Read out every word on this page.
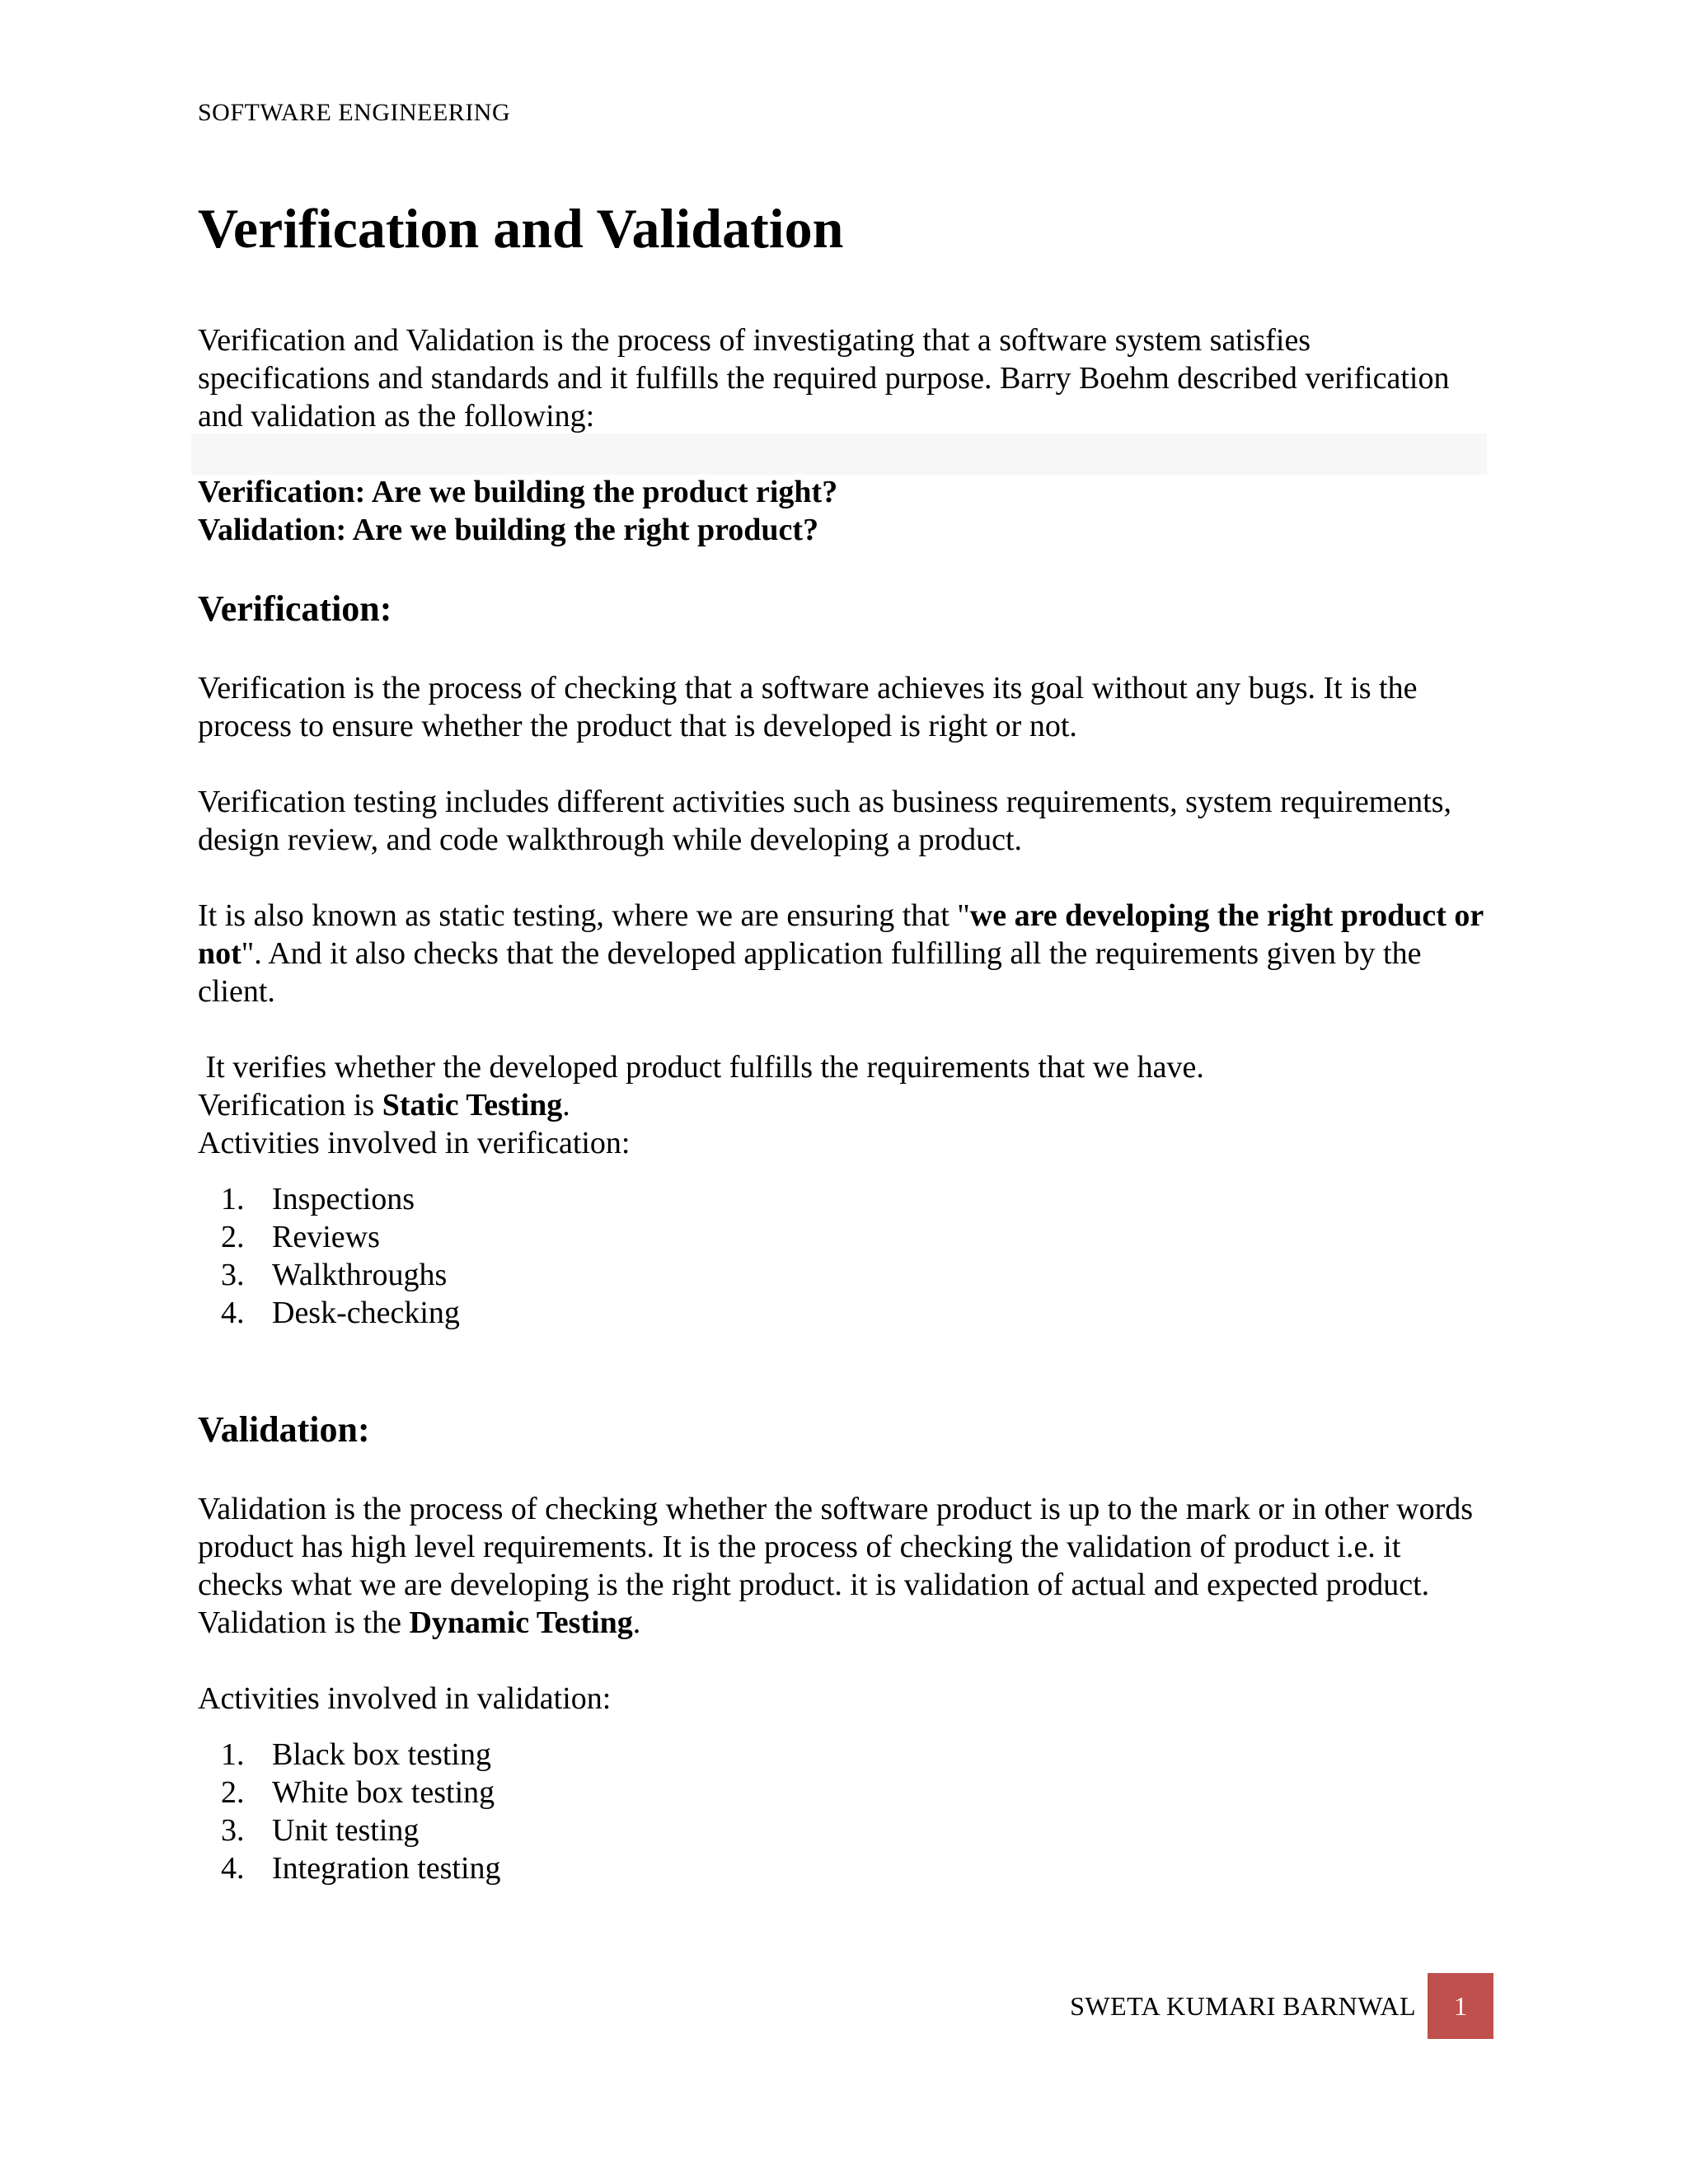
SOFTWARE ENGINEERING
Verification and Validation

Verification and Validation is the process of investigating that a software system satisfies specifications and standards and it fulfills the required purpose. Barry Boehm described verification and validation as the following:

Verification: Are we building the product right?

Validation: Are we building the right product?

Verification:

Verification is the process of checking that a software achieves its goal without any bugs. It is the process to ensure whether the product that is developed is right or not.

Verification testing includes different activities such as business requirements, system requirements, design review, and code walkthrough while developing a product.

It is also known as static testing, where we are ensuring that "we are developing the right product or not". And it also checks that the developed application fulfilling all the requirements given by the client.

It verifies whether the developed product fulfills the requirements that we have.

Verification is Static Testing.

Activities involved in verification:

1. Inspections
2. Reviews
3. Walkthroughs
4. Desk-checking
Validation:

Validation is the process of checking whether the software product is up to the mark or in other words product has high level requirements. It is the process of checking the validation of product i.e. it checks what we are developing is the right product. it is validation of actual and expected product.

Validation is the Dynamic Testing.

Activities involved in validation:

1. Black box testing
2. White box testing
3. Unit testing
4. Integration testing
SWETA KUMARI BARNWAL	1
